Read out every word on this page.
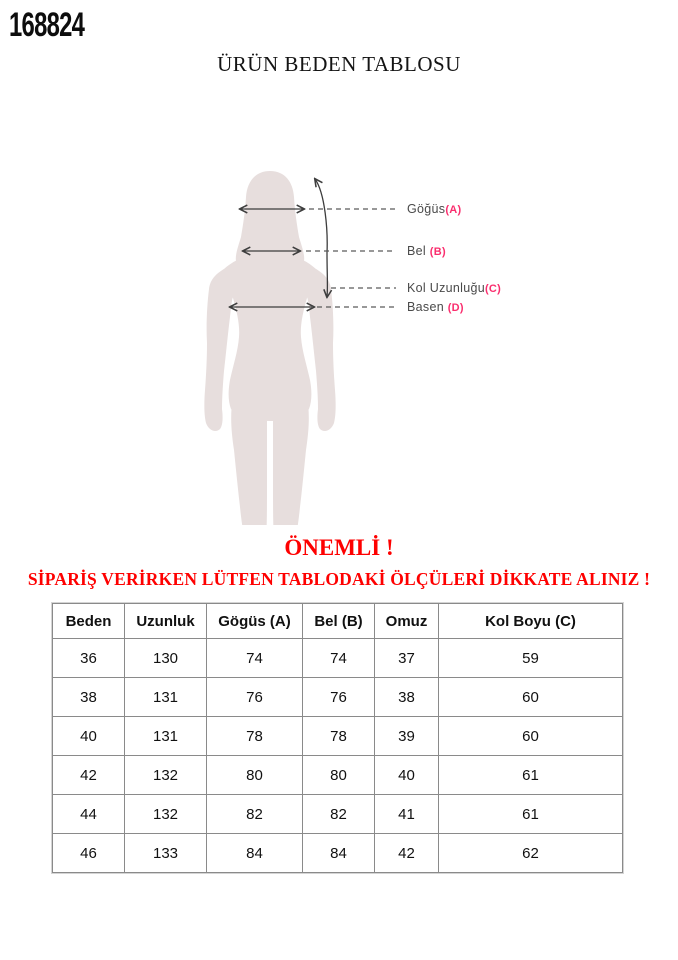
168824
ÜRÜN BEDEN TABLOSU
Göğüs(A)
Bel (B)
Kol Uzunluğu(C)
Basen (D)
ÖNEMLİ !
SİPARİŞ VERİRKEN LÜTFEN TABLODAKİ ÖLÇÜLERİ DİKKATE ALINIZ !
Beden	Uzunluk	Gögüs (A)	Bel (B)	Omuz	Kol Boyu (C)
36	130	74	74	37	59
38	131	76	76	38	60
40	131	78	78	39	60
42	132	80	80	40	61
44	132	82	82	41	61
46	133	84	84	42	62
